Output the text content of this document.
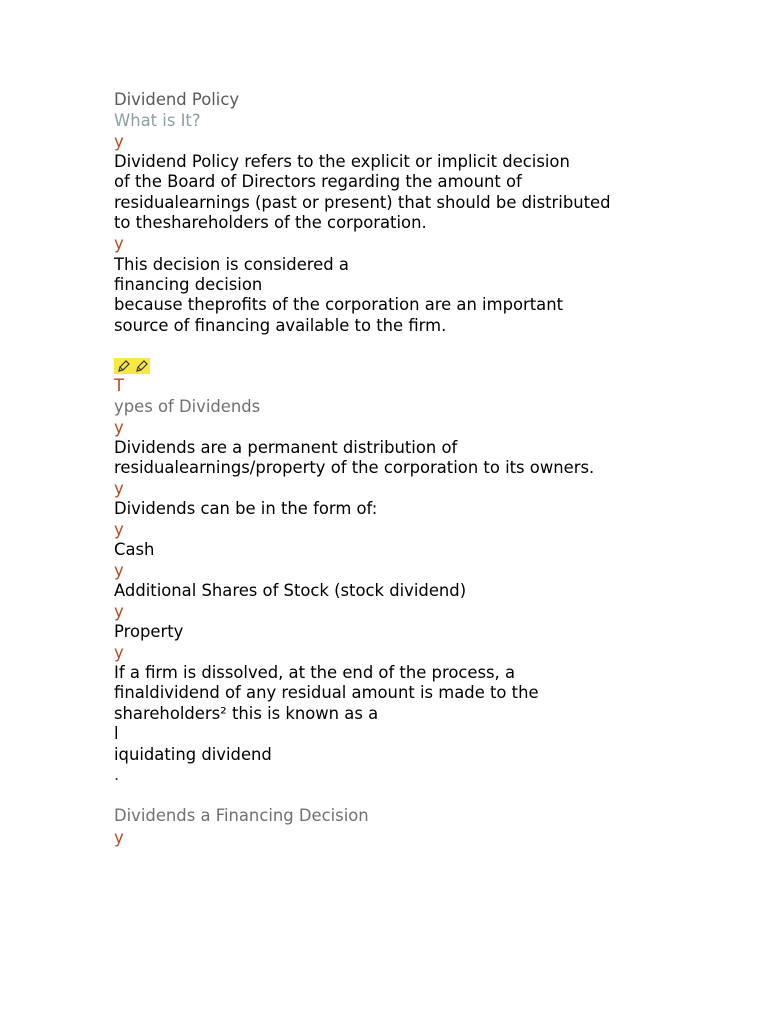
Dividend Policy
What is It?
y
Dividend Policy refers to the explicit or implicit decision
of the Board of Directors regarding the amount of
residualearnings (past or present) that should be distributed
to theshareholders of the corporation.
y
This decision is considered a
financing decision
because theprofits of the corporation are an important
source of financing available to the firm.
T
ypes of Dividends
y
Dividends are a permanent distribution of
residualearnings/property of the corporation to its owners.
y
Dividends can be in the form of:
y
Cash
y
Additional Shares of Stock (stock dividend)
y
Property
y
If a firm is dissolved, at the end of the process, a
finaldividend of any residual amount is made to the
shareholders² this is known as a
l
iquidating dividend
.
Dividends a Financing Decision
y
